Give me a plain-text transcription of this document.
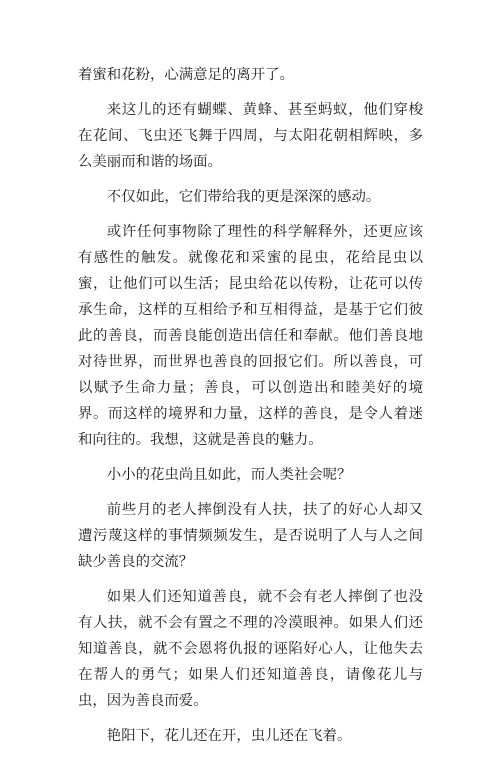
着蜜和花粉，心满意足的离开了。

来这儿的还有蝴蝶、黄蜂、甚至蚂蚁，他们穿梭在花间、飞虫还飞舞于四周，与太阳花朝相辉映，多么美丽而和谐的场面。

不仅如此，它们带给我的更是深深的感动。

或许任何事物除了理性的科学解释外，还更应该有感性的触发。就像花和采蜜的昆虫，花给昆虫以蜜，让他们可以生活；昆虫给花以传粉，让花可以传承生命，这样的互相给予和互相得益，是基于它们彼此的善良，而善良能创造出信任和奉献。他们善良地对待世界，而世界也善良的回报它们。所以善良，可以赋予生命力量；善良，可以创造出和睦美好的境界。而这样的境界和力量，这样的善良，是令人着迷和向往的。我想，这就是善良的魅力。

小小的花虫尚且如此，而人类社会呢？

前些月的老人摔倒没有人扶，扶了的好心人却又遭污蔑这样的事情频频发生，是否说明了人与人之间缺少善良的交流？

如果人们还知道善良，就不会有老人摔倒了也没有人扶，就不会有置之不理的冷漠眼神。如果人们还知道善良，就不会恩将仇报的诬陷好心人，让他失去在帮人的勇气；如果人们还知道善良，请像花儿与虫，因为善良而爱。

艳阳下，花儿还在开，虫儿还在飞着。
